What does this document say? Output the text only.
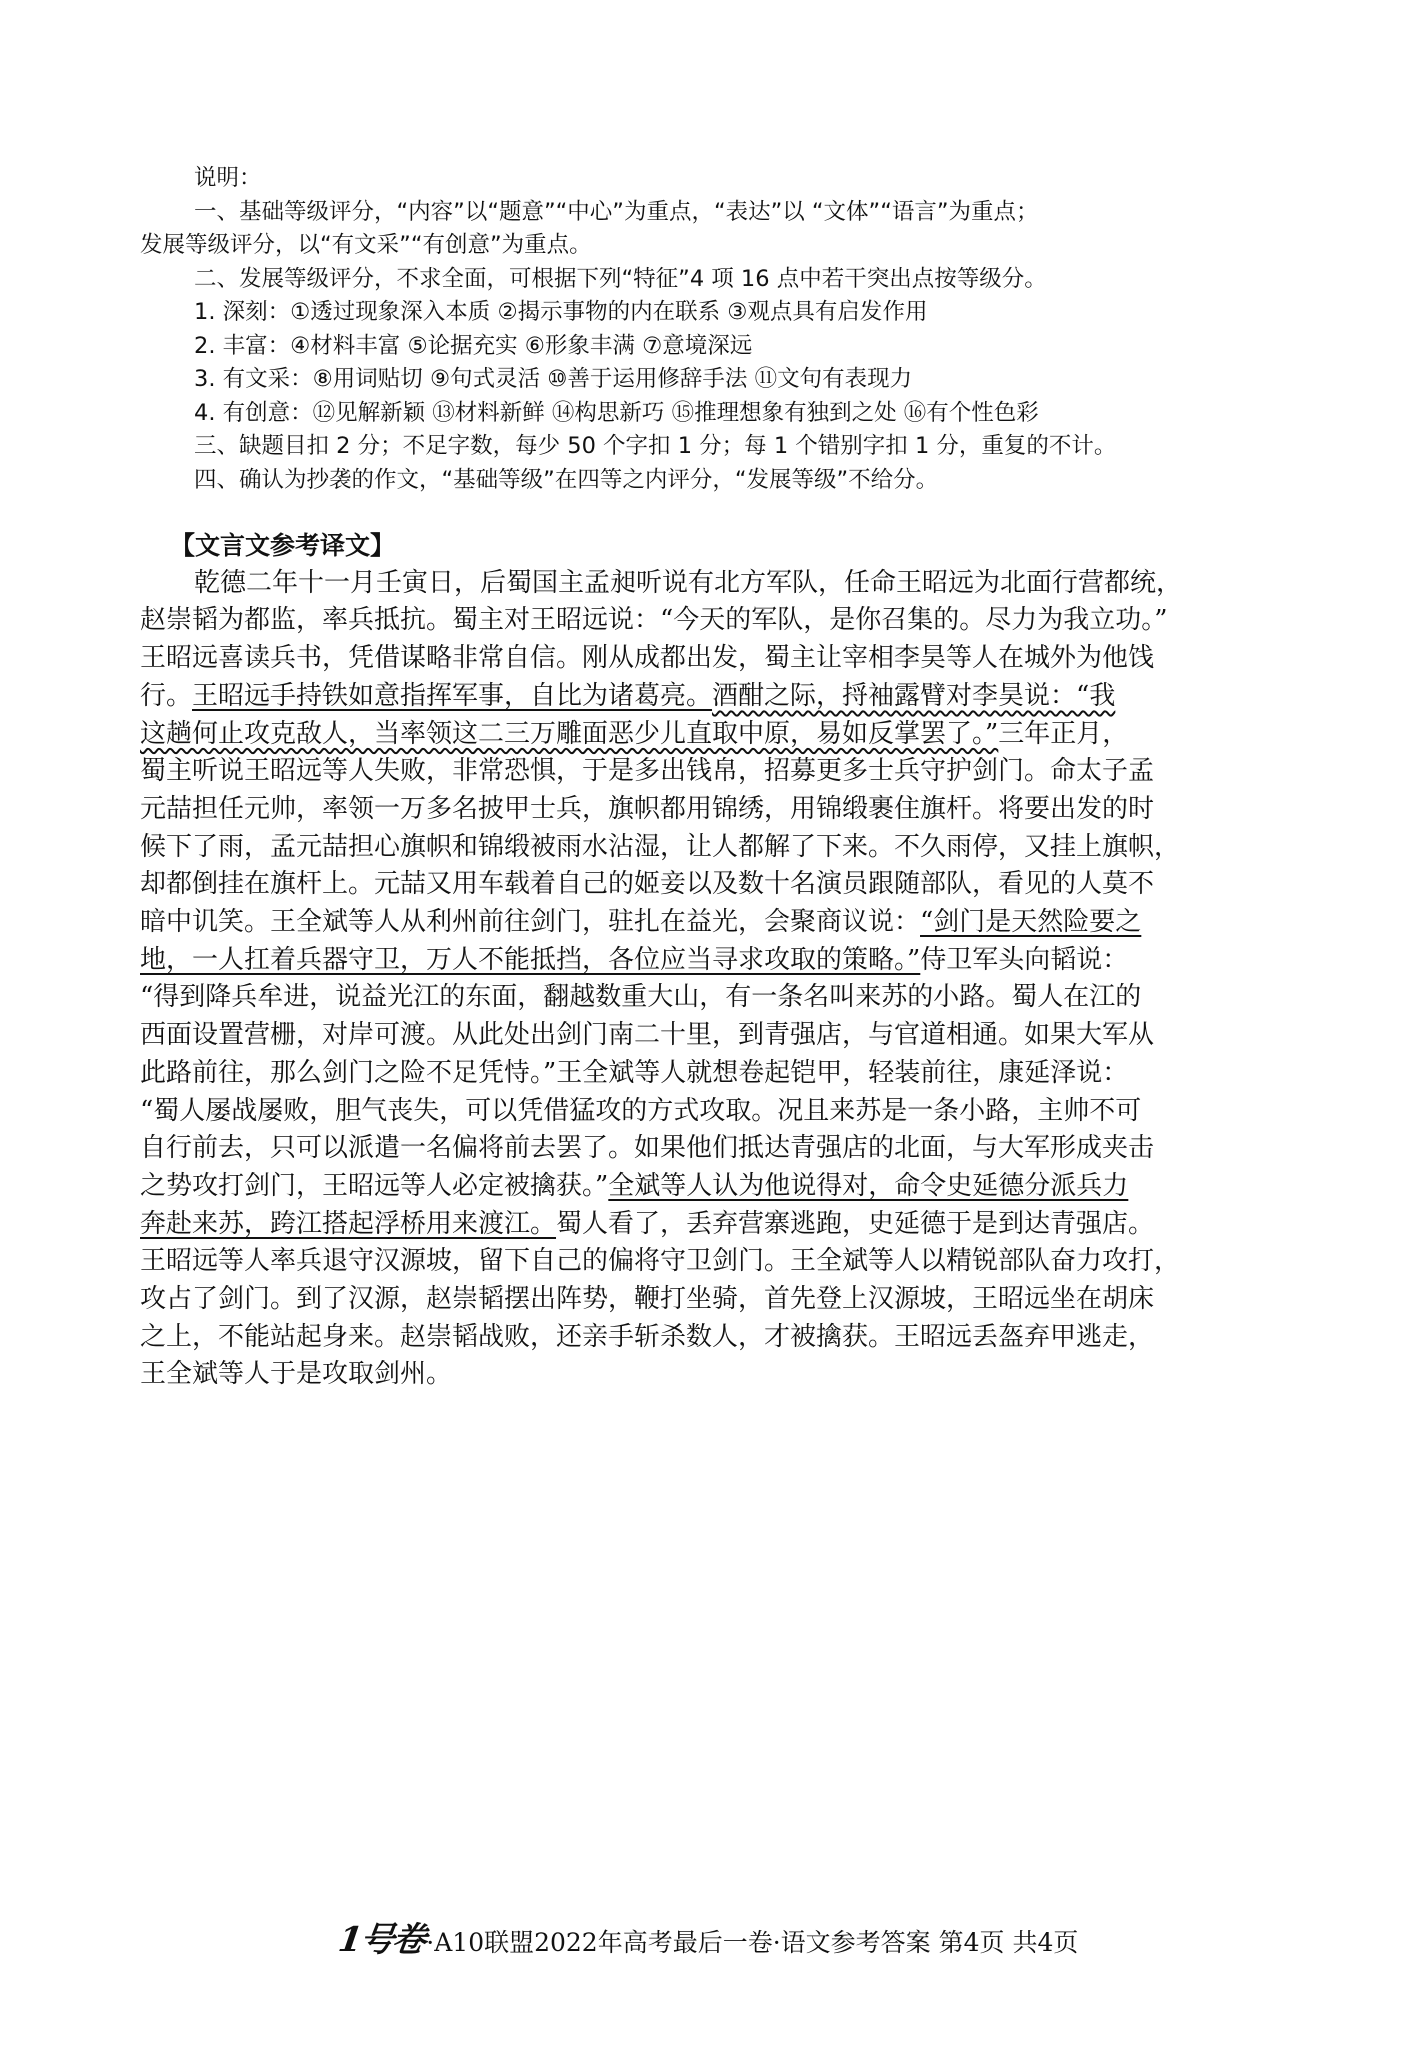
说明：

一、基础等级评分，“内容”以“题意”“中心”为重点，“表达”以 “文体”“语言”为重点；

发展等级评分，以“有文采”“有创意”为重点。

二、发展等级评分，不求全面，可根据下列“特征”4 项 16 点中若干突出点按等级分。

1. 深刻：①透过现象深入本质 ②揭示事物的内在联系 ③观点具有启发作用

2. 丰富：④材料丰富 ⑤论据充实 ⑥形象丰满 ⑦意境深远

3. 有文采：⑧用词贴切 ⑨句式灵活 ⑩善于运用修辞手法 ⑪文句有表现力

4. 有创意：⑫见解新颖 ⑬材料新鲜 ⑭构思新巧 ⑮推理想象有独到之处 ⑯有个性色彩

三、缺题目扣 2 分；不足字数，每少 50 个字扣 1 分；每 1 个错别字扣 1 分，重复的不计。

四、确认为抄袭的作文，“基础等级”在四等之内评分，“发展等级”不给分。

【文言文参考译文】

乾德二年十一月壬寅日，后蜀国主孟昶听说有北方军队，任命王昭远为北面行营都统，

赵崇韬为都监，率兵抵抗。蜀主对王昭远说：“今天的军队，是你召集的。尽力为我立功。”

王昭远喜读兵书，凭借谋略非常自信。刚从成都出发，蜀主让宰相李昊等人在城外为他饯

行。王昭远手持铁如意指挥军事，自比为诸葛亮。酒酣之际，捋袖露臂对李昊说：“我

这趟何止攻克敌人，当率领这二三万雕面恶少儿直取中原，易如反掌罢了。”三年正月，

蜀主听说王昭远等人失败，非常恐惧，于是多出钱帛，招募更多士兵守护剑门。命太子孟

元喆担任元帅，率领一万多名披甲士兵，旗帜都用锦绣，用锦缎裹住旗杆。将要出发的时

候下了雨，孟元喆担心旗帜和锦缎被雨水沾湿，让人都解了下来。不久雨停，又挂上旗帜，

却都倒挂在旗杆上。元喆又用车载着自己的姬妾以及数十名演员跟随部队，看见的人莫不

暗中讥笑。王全斌等人从利州前往剑门，驻扎在益光，会聚商议说：“剑门是天然险要之

地，一人扛着兵器守卫，万人不能抵挡，各位应当寻求攻取的策略。”侍卫军头向韬说：

“得到降兵牟进，说益光江的东面，翻越数重大山，有一条名叫来苏的小路。蜀人在江的

西面设置营栅，对岸可渡。从此处出剑门南二十里，到青强店，与官道相通。如果大军从

此路前往，那么剑门之险不足凭恃。”王全斌等人就想卷起铠甲，轻装前往，康延泽说：

“蜀人屡战屡败，胆气丧失，可以凭借猛攻的方式攻取。况且来苏是一条小路，主帅不可

自行前去，只可以派遣一名偏将前去罢了。如果他们抵达青强店的北面，与大军形成夹击

之势攻打剑门，王昭远等人必定被擒获。”全斌等人认为他说得对，命令史延德分派兵力

奔赴来苏，跨江搭起浮桥用来渡江。蜀人看了，丢弃营寨逃跑，史延德于是到达青强店。

王昭远等人率兵退守汉源坡，留下自己的偏将守卫剑门。王全斌等人以精锐部队奋力攻打，

攻占了剑门。到了汉源，赵崇韬摆出阵势，鞭打坐骑，首先登上汉源坡，王昭远坐在胡床

之上，不能站起身来。赵崇韬战败，还亲手斩杀数人，才被擒获。王昭远丢盔弃甲逃走，

王全斌等人于是攻取剑州。

1号卷·A10联盟2022年高考最后一卷·语文参考答案 第4页 共4页
